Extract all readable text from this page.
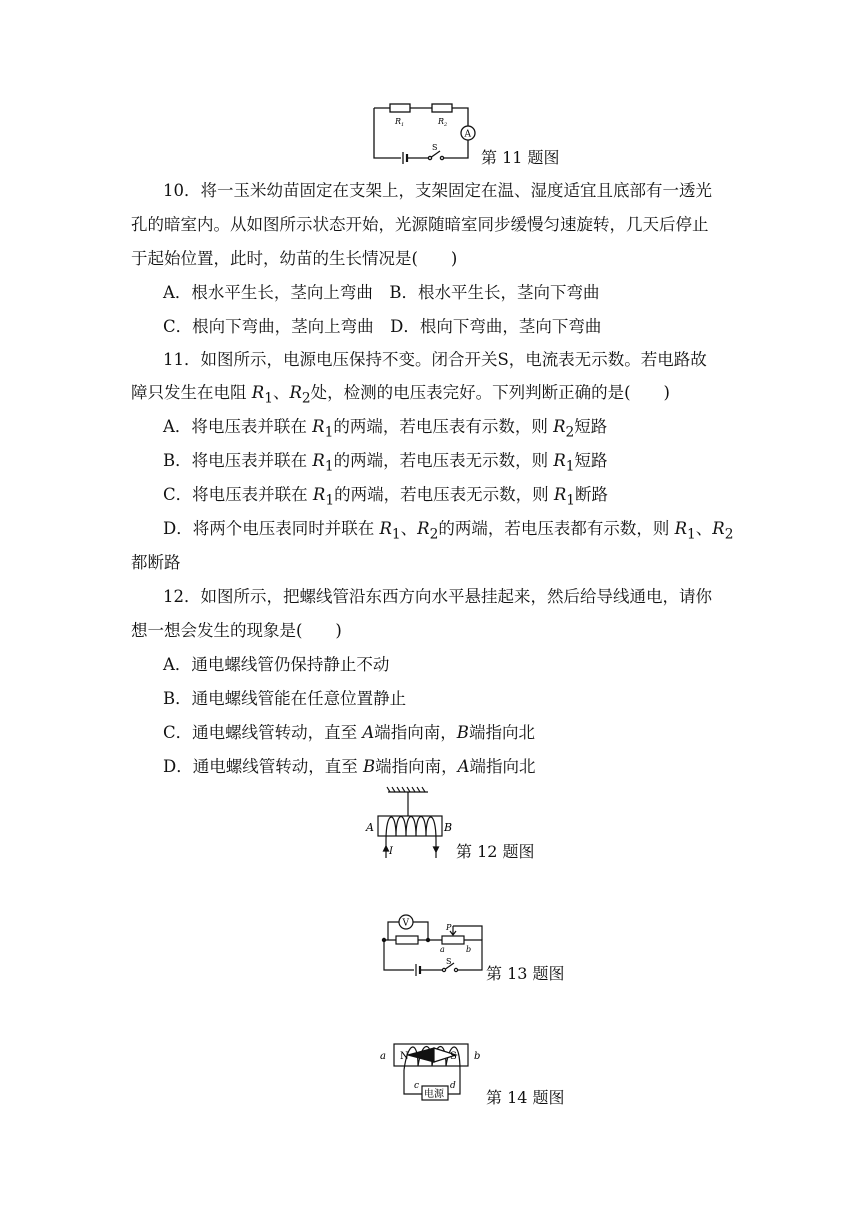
$R_1$	$R_2$
A
S
第 11 题图
10．将一玉米幼苗固定在支架上，支架固定在温、湿度适宜且底部有一透光
孔的暗室内。从如图所示状态开始，光源随暗室同步缓慢匀速旋转，几天后停止
于起始位置，此时，幼苗的生长情况是(　　)
A．根水平生长，茎向上弯曲　B．根水平生长，茎向下弯曲
C．根向下弯曲，茎向上弯曲　D．根向下弯曲，茎向下弯曲
11．如图所示，电源电压保持不变。闭合开关S，电流表无示数。若电路故
障只发生在电阻 $R_1$、$R_2$处，检测的电压表完好。下列判断正确的是(　　)
A．将电压表并联在 $R_1$的两端，若电压表有示数，则 $R_2$短路
B．将电压表并联在 $R_1$的两端，若电压表无示数，则 $R_1$短路
C．将电压表并联在 $R_1$的两端，若电压表无示数，则 $R_1$断路
D．将两个电压表同时并联在 $R_1$、$R_2$的两端，若电压表都有示数，则 $R_1$、$R_2$
都断路
12．如图所示，把螺线管沿东西方向水平悬挂起来，然后给导线通电，请你
想一想会发生的现象是(　　)
A．通电螺线管仍保持静止不动
B．通电螺线管能在任意位置静止
C．通电螺线管转动，直至 A端指向南，B端指向北
D．通电螺线管转动，直至 B端指向南，A端指向北
A	B
I	第 12 题图
V	P
a	b
S
第 13 题图
a	b
N	S
c	d
电源	第 14 题图
